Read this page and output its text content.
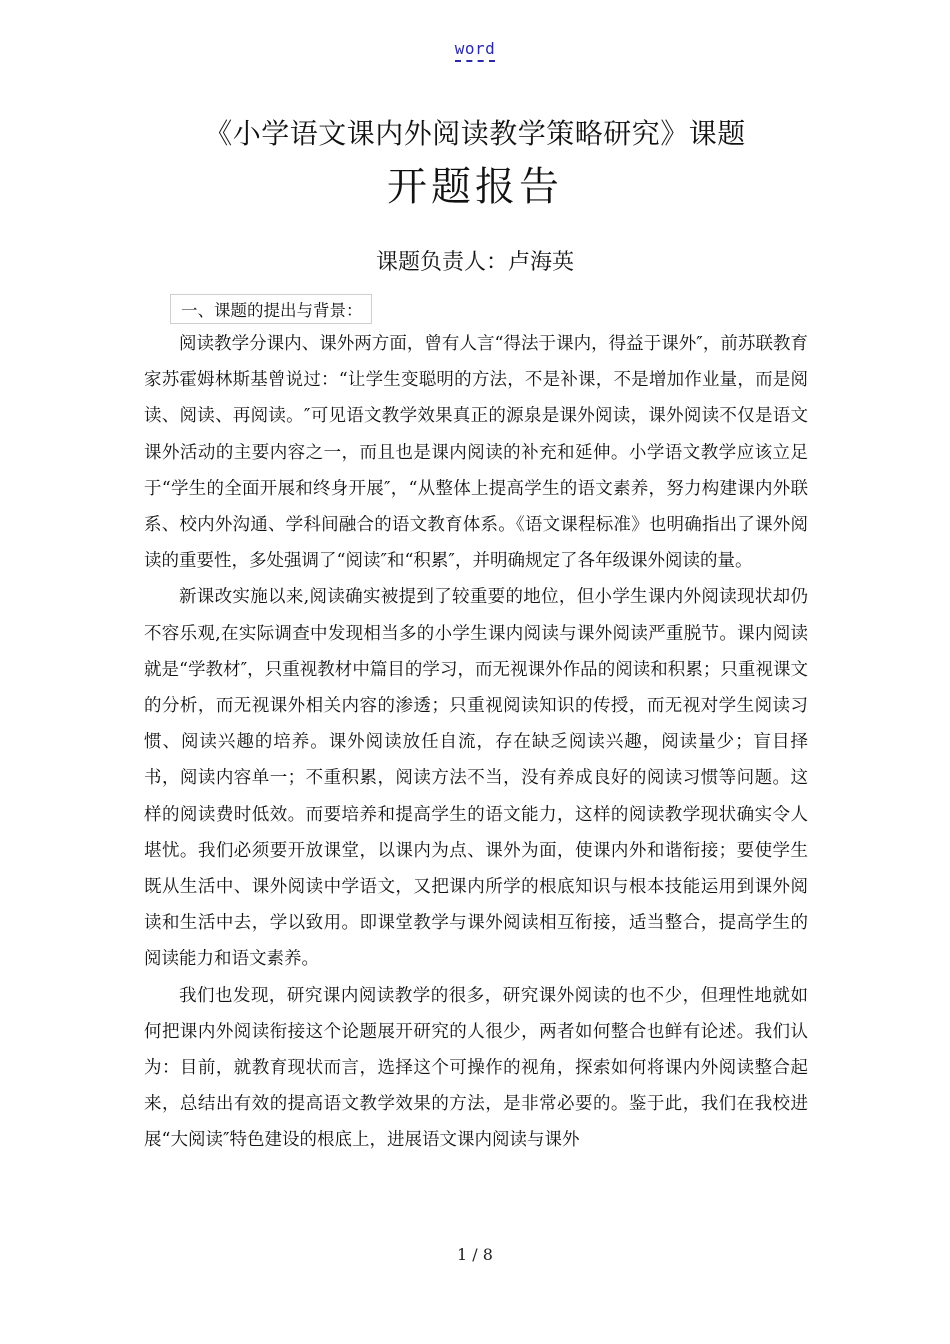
word
《小学语文课内外阅读教学策略研究》课题
开题报告
课题负责人：卢海英
一、课题的提出与背景：

阅读教学分课内、课外两方面，曾有人言“得法于课内，得益于课外″，前苏联教育家苏霍姆林斯基曾说过：“让学生变聪明的方法，不是补课，不是增加作业量，而是阅读、阅读、再阅读。″可见语文教学效果真正的源泉是课外阅读，课外阅读不仅是语文课外活动的主要内容之一，而且也是课内阅读的补充和延伸。小学语文教学应该立足于“学生的全面开展和终身开展″，“从整体上提高学生的语文素养，努力构建课内外联系、校内外沟通、学科间融合的语文教育体系。《语文课程标准》也明确指出了课外阅读的重要性，多处强调了“阅读″和“积累″，并明确规定了各年级课外阅读的量。

新课改实施以来,阅读确实被提到了较重要的地位，但小学生课内外阅读现状却仍不容乐观,在实际调查中发现相当多的小学生课内阅读与课外阅读严重脱节。课内阅读就是“学教材″，只重视教材中篇目的学习，而无视课外作品的阅读和积累；只重视课文的分析，而无视课外相关内容的渗透；只重视阅读知识的传授，而无视对学生阅读习惯、阅读兴趣的培养。课外阅读放任自流，存在缺乏阅读兴趣，阅读量少；盲目择书，阅读内容单一；不重积累，阅读方法不当，没有养成良好的阅读习惯等问题。这样的阅读费时低效。而要培养和提高学生的语文能力，这样的阅读教学现状确实令人堪忧。我们必须要开放课堂，以课内为点、课外为面，使课内外和谐衔接；要使学生既从生活中、课外阅读中学语文，又把课内所学的根底知识与根本技能运用到课外阅读和生活中去，学以致用。即课堂教学与课外阅读相互衔接，适当整合，提高学生的阅读能力和语文素养。

我们也发现，研究课内阅读教学的很多，研究课外阅读的也不少，但理性地就如何把课内外阅读衔接这个论题展开研究的人很少，两者如何整合也鲜有论述。我们认为：目前，就教育现状而言，选择这个可操作的视角，探索如何将课内外阅读整合起来，总结出有效的提高语文教学效果的方法，是非常必要的。鉴于此，我们在我校进展“大阅读″特色建设的根底上，进展语文课内阅读与课外

1 / 8
